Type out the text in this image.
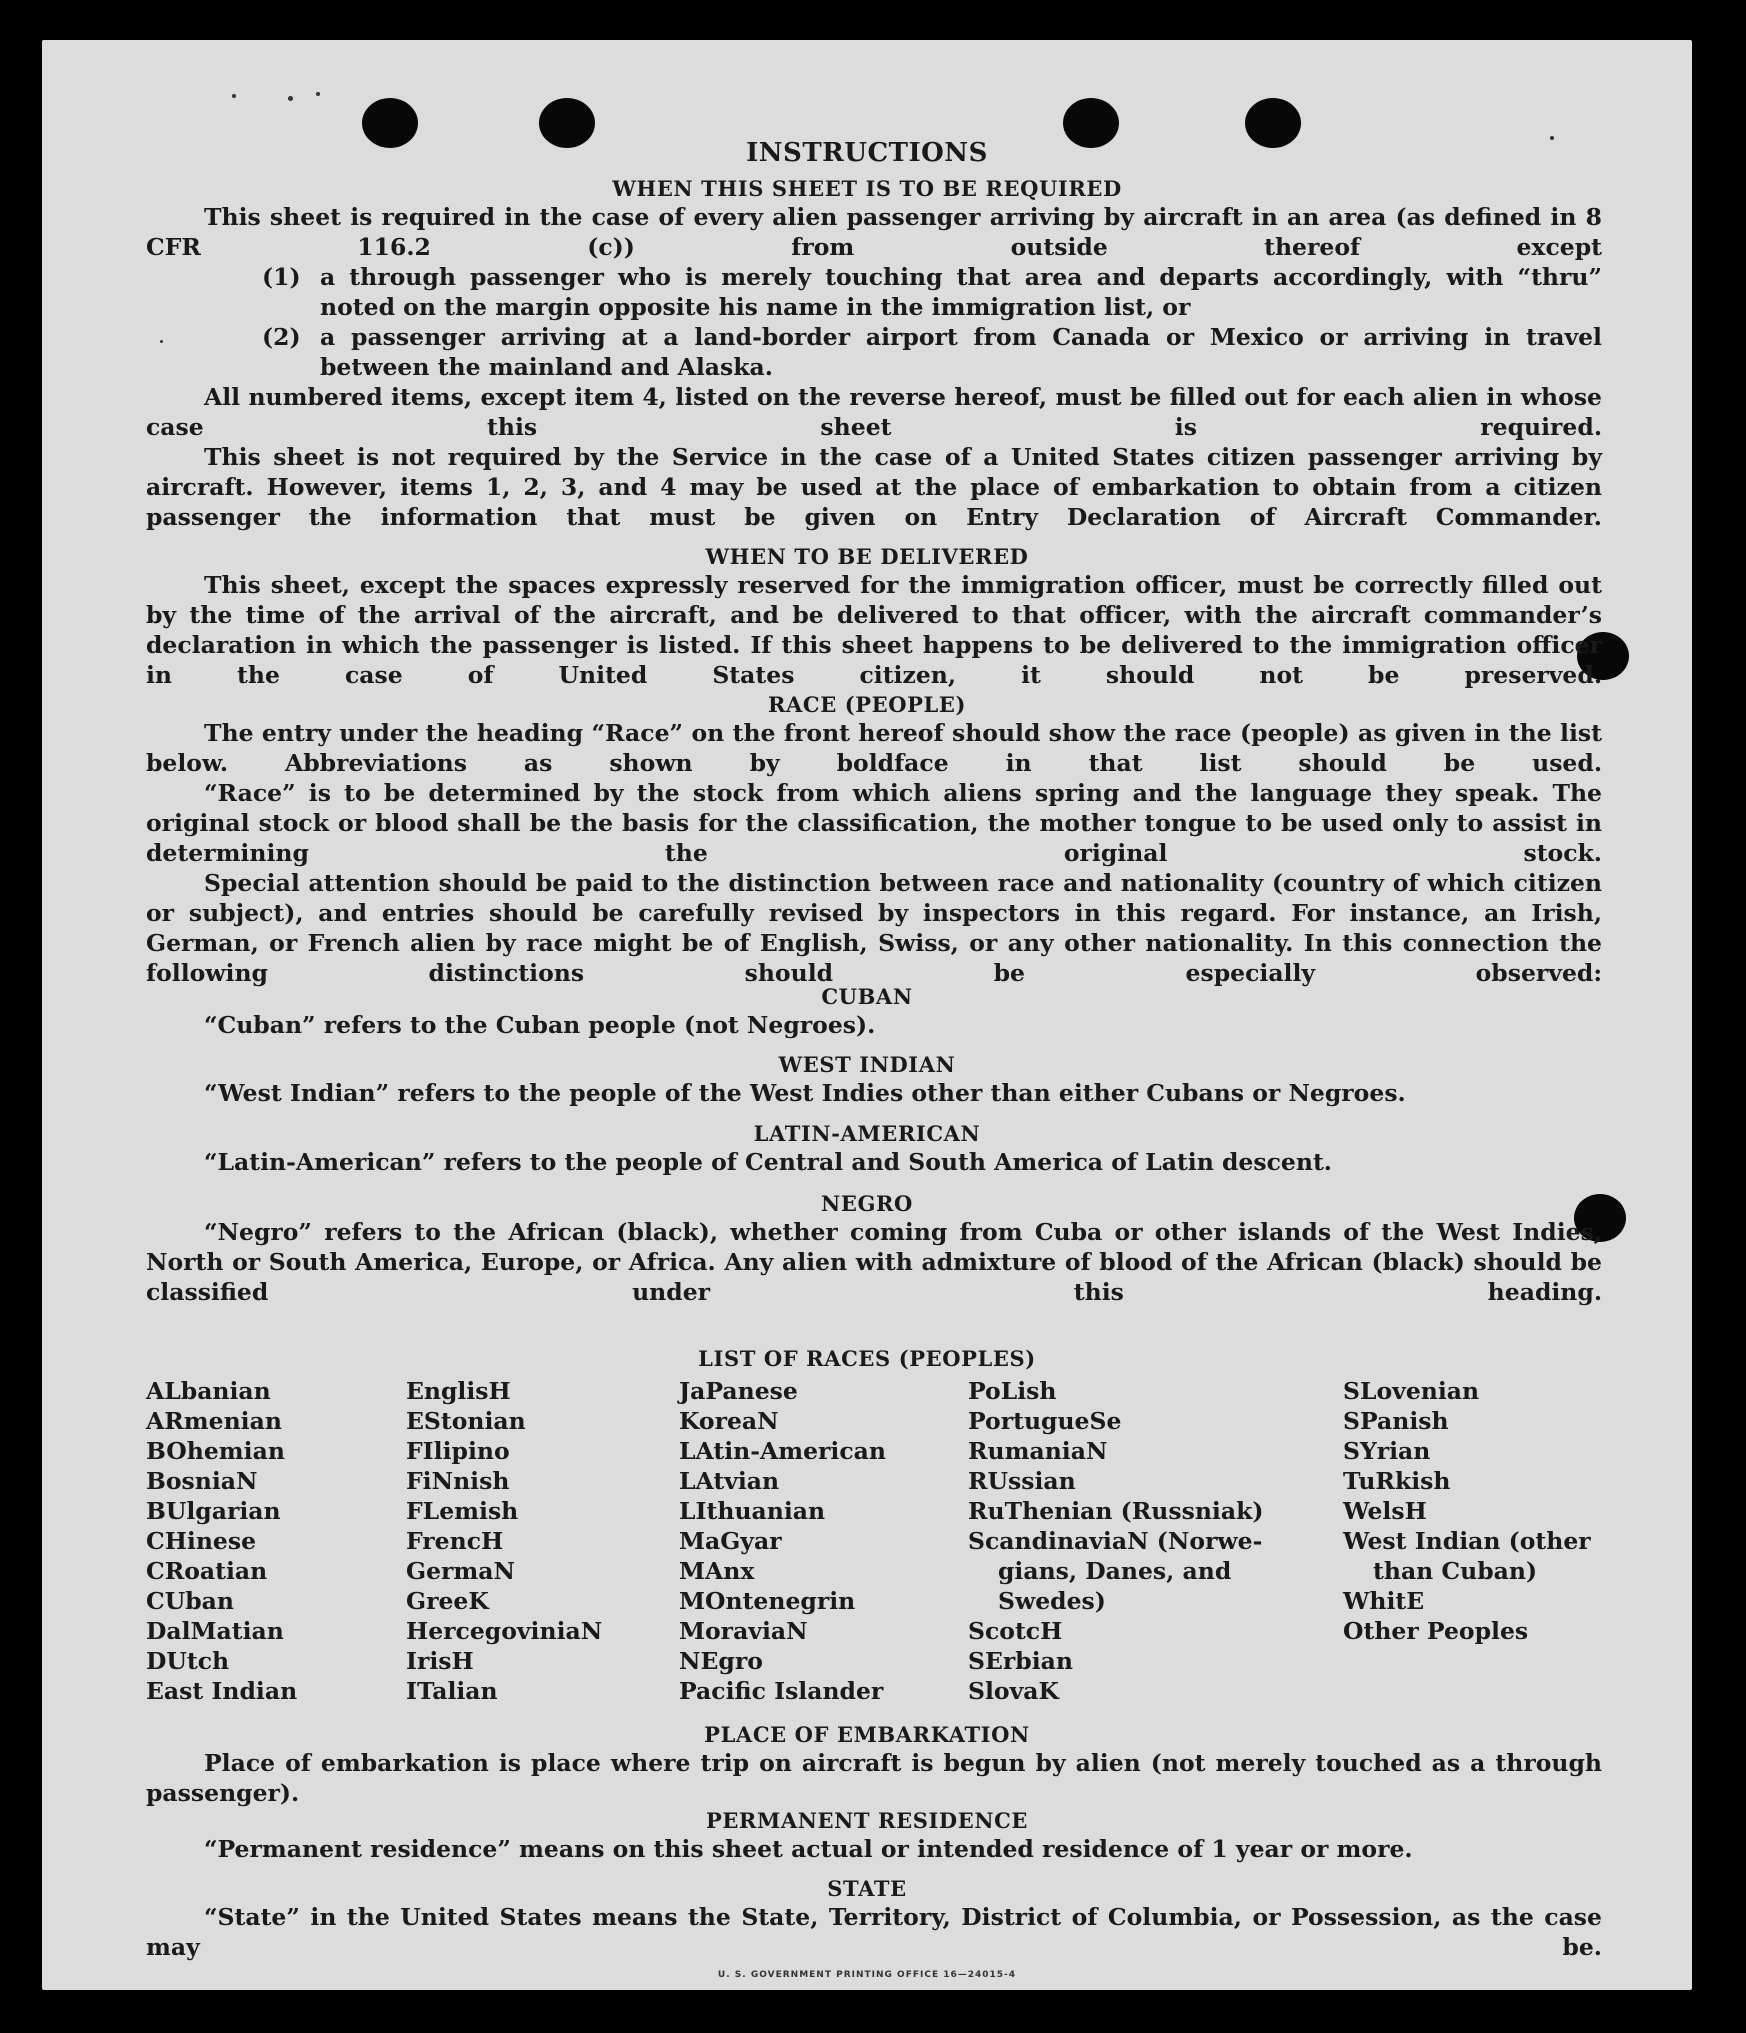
INSTRUCTIONS
WHEN THIS SHEET IS TO BE REQUIRED

This sheet is required in the case of every alien passenger arriving by aircraft in an area (as defined in 8 CFR 116.2 (c)) from outside thereof except

(1) a through passenger who is merely touching that area and departs accordingly, with “thru” noted on the margin opposite his name in the immigration list, or
(2) a passenger arriving at a land-border airport from Canada or Mexico or arriving in travel between the mainland and Alaska.

All numbered items, except item 4, listed on the reverse hereof, must be filled out for each alien in whose case this sheet is required.

This sheet is not required by the Service in the case of a United States citizen passenger arriving by aircraft. However, items 1, 2, 3, and 4 may be used at the place of embarkation to obtain from a citizen passenger the information that must be given on Entry Declaration of Aircraft Commander.

WHEN TO BE DELIVERED

This sheet, except the spaces expressly reserved for the immigration officer, must be correctly filled out by the time of the arrival of the aircraft, and be delivered to that officer, with the aircraft commander’s declaration in which the passenger is listed. If this sheet happens to be delivered to the immigration officer in the case of United States citizen, it should not be preserved.

RACE (PEOPLE)

The entry under the heading “Race” on the front hereof should show the race (people) as given in the list below. Abbreviations as shown by boldface in that list should be used.

“Race” is to be determined by the stock from which aliens spring and the language they speak. The original stock or blood shall be the basis for the classification, the mother tongue to be used only to assist in determining the original stock.

Special attention should be paid to the distinction between race and nationality (country of which citizen or subject), and entries should be carefully revised by inspectors in this regard. For instance, an Irish, German, or French alien by race might be of English, Swiss, or any other nationality. In this connection the following distinctions should be especially observed:

CUBAN

“Cuban” refers to the Cuban people (not Negroes).

WEST INDIAN

“West Indian” refers to the people of the West Indies other than either Cubans or Negroes.

LATIN-AMERICAN

“Latin-American” refers to the people of Central and South America of Latin descent.

NEGRO

“Negro” refers to the African (black), whether coming from Cuba or other islands of the West Indies, North or South America, Europe, or Africa. Any alien with admixture of blood of the African (black) should be classified under this heading.

LIST OF RACES (PEOPLES)
ALbanian
ARmenian
BOhemian
BosniaN
BUlgarian
CHinese
CRoatian
CUban
DalMatian
DUtch
East Indian
EnglisH
EStonian
FIlipino
FiNnish
FLemish
FrencH
GermaN
GreeK
HercegoviniaN
IrisH
ITalian
JaPanese
KoreaN
LAtin-American
LAtvian
LIthuanian
MaGyar
MAnx
MOntenegrin
MoraviaN
NEgro
Pacific Islander
PoLish
PortugueSe
RumaniaN
RUssian
RuThenian (Russniak)
ScandinaviaN (Norwe-
gians, Danes, and
Swedes)
ScotcH
SErbian
SlovaK
SLovenian
SPanish
SYrian
TuRkish
WelsH
West Indian (other
than Cuban)
WhitE
Other Peoples
PLACE OF EMBARKATION

Place of embarkation is place where trip on aircraft is begun by alien (not merely touched as a through passenger).

PERMANENT RESIDENCE

“Permanent residence” means on this sheet actual or intended residence of 1 year or more.

STATE

“State” in the United States means the State, Territory, District of Columbia, or Possession, as the case may be.

U. S. GOVERNMENT PRINTING OFFICE 16—24015-4
